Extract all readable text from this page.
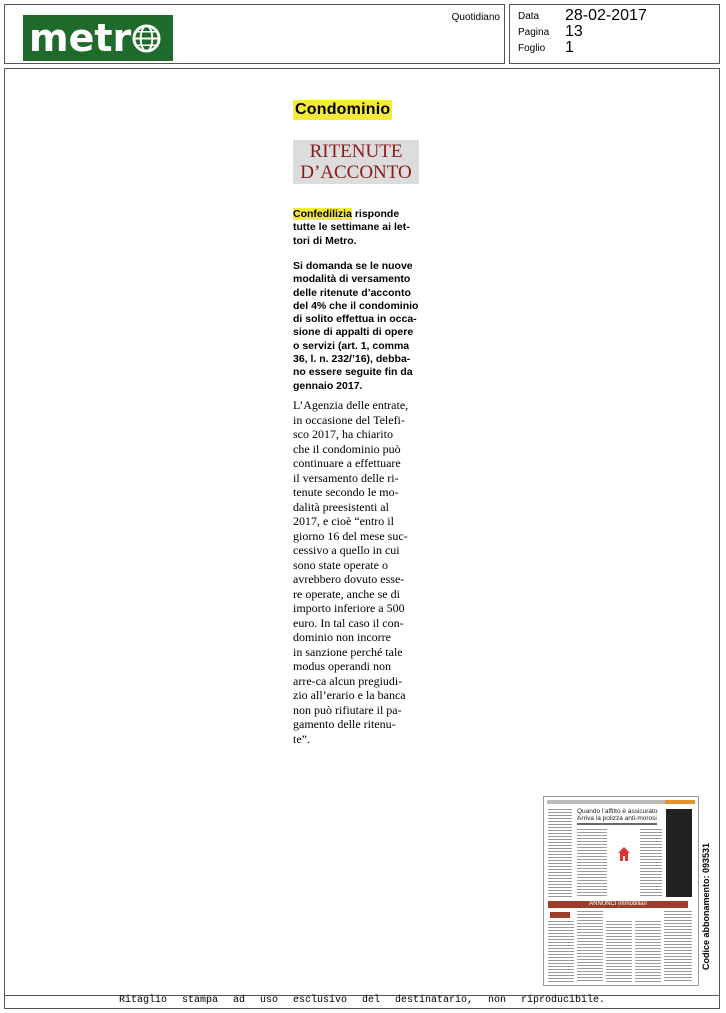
metr	Quotidiano Data 28-02-2017
Pagina 13
Foglio 1
Condominio
RITENUTE
D’ACCONTO
Confedilizia risponde
tutte le settimane ai let-
tori di Metro.
Si domanda se le nuove
modalità di versamento
delle ritenute d’acconto
del 4% che il condominio
di solito effettua in occa-
sione di appalti di opere
o servizi (art. 1, comma
36, l. n. 232/’16), debba-
no essere seguite fin da
gennaio 2017.
L’Agenzia delle entrate,
in occasione del Telefi-
sco 2017, ha chiarito
che il condominio può
continuare a effettuare
il versamento delle ri-
tenute secondo le mo-
dalità preesistenti al
2017, e cioè “entro il
giorno 16 del mese suc-
cessivo a quello in cui
sono state operate o
avrebbero dovuto esse-
re operate, anche se di
importo inferiore a 500
euro. In tal caso il con-
dominio non incorre
in sanzione perché tale
modus operandi non
arre-ca alcun pregiudi-
zio all’erario e la banca
non può rifiutare il pa-
gamento delle ritenu-
te”.
Quando l’affitto è assicurato
Arriva la polizza anti-morosi
ANNUNCI immobiliari	Codice abbonamento: 093531
Ritaglio stampa ad uso esclusivo del destinatario, non riproducibile.
